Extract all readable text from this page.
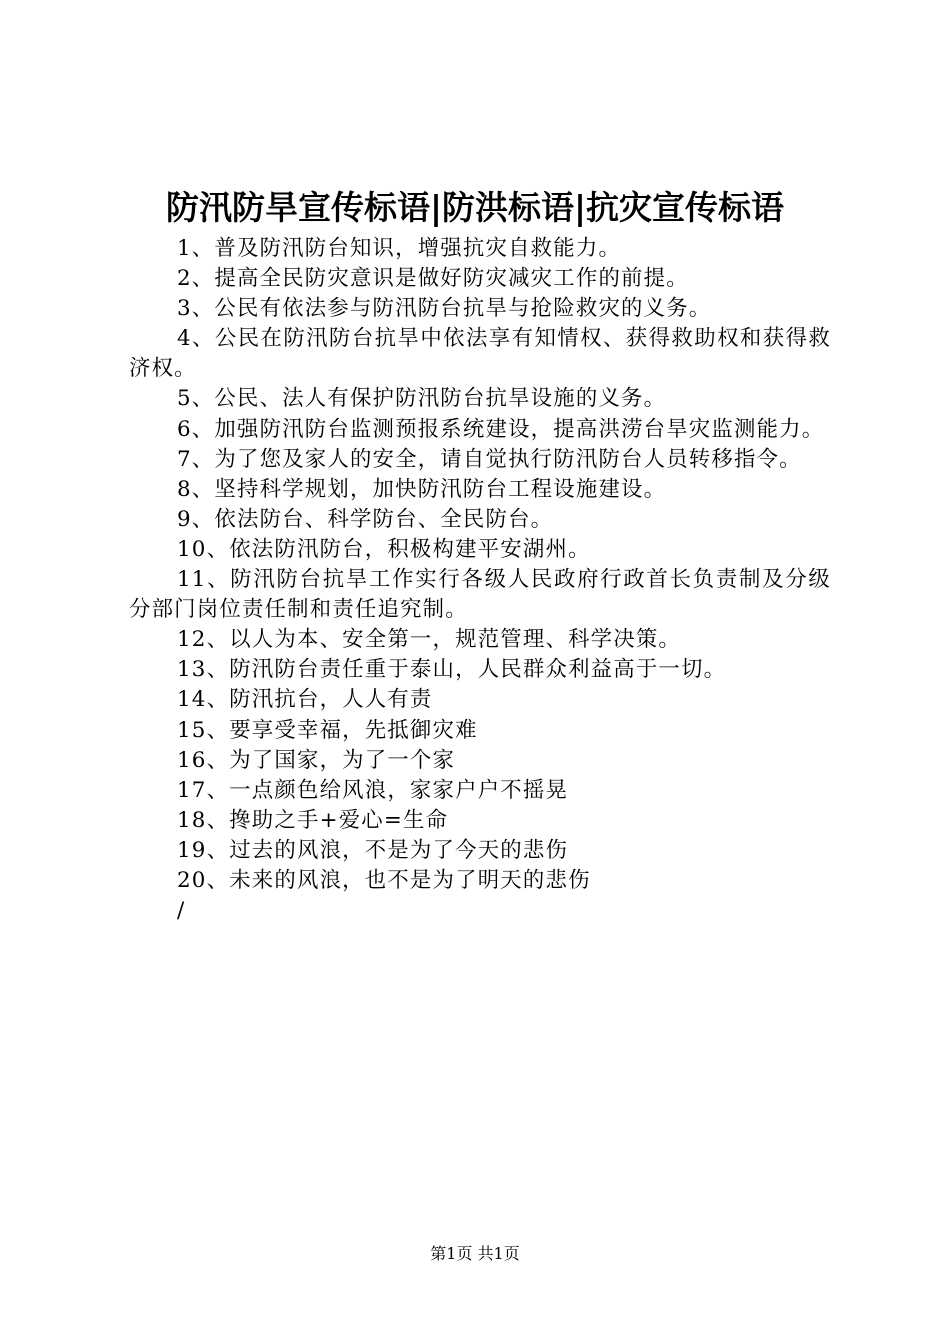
防汛防旱宣传标语|防洪标语|抗灾宣传标语

1、普及防汛防台知识，增强抗灾自救能力。

2、提高全民防灾意识是做好防灾减灾工作的前提。

3、公民有依法参与防汛防台抗旱与抢险救灾的义务。

4、公民在防汛防台抗旱中依法享有知情权、获得救助权和获得救济权。

5、公民、法人有保护防汛防台抗旱设施的义务。

6、加强防汛防台监测预报系统建设，提高洪涝台旱灾监测能力。

7、为了您及家人的安全，请自觉执行防汛防台人员转移指令。

8、坚持科学规划，加快防汛防台工程设施建设。

9、依法防台、科学防台、全民防台。

10、依法防汛防台，积极构建平安湖州。

11、防汛防台抗旱工作实行各级人民政府行政首长负责制及分级分部门岗位责任制和责任追究制。

12、以人为本、安全第一，规范管理、科学决策。

13、防汛防台责任重于泰山，人民群众利益高于一切。

14、防汛抗台，人人有责

15、要享受幸福，先抵御灾难

16、为了国家，为了一个家

17、一点颜色给风浪，家家户户不摇晃

18、搀助之手+爱心=生命

19、过去的风浪，不是为了今天的悲伤

20、未来的风浪，也不是为了明天的悲伤

/

第1页 共1页
